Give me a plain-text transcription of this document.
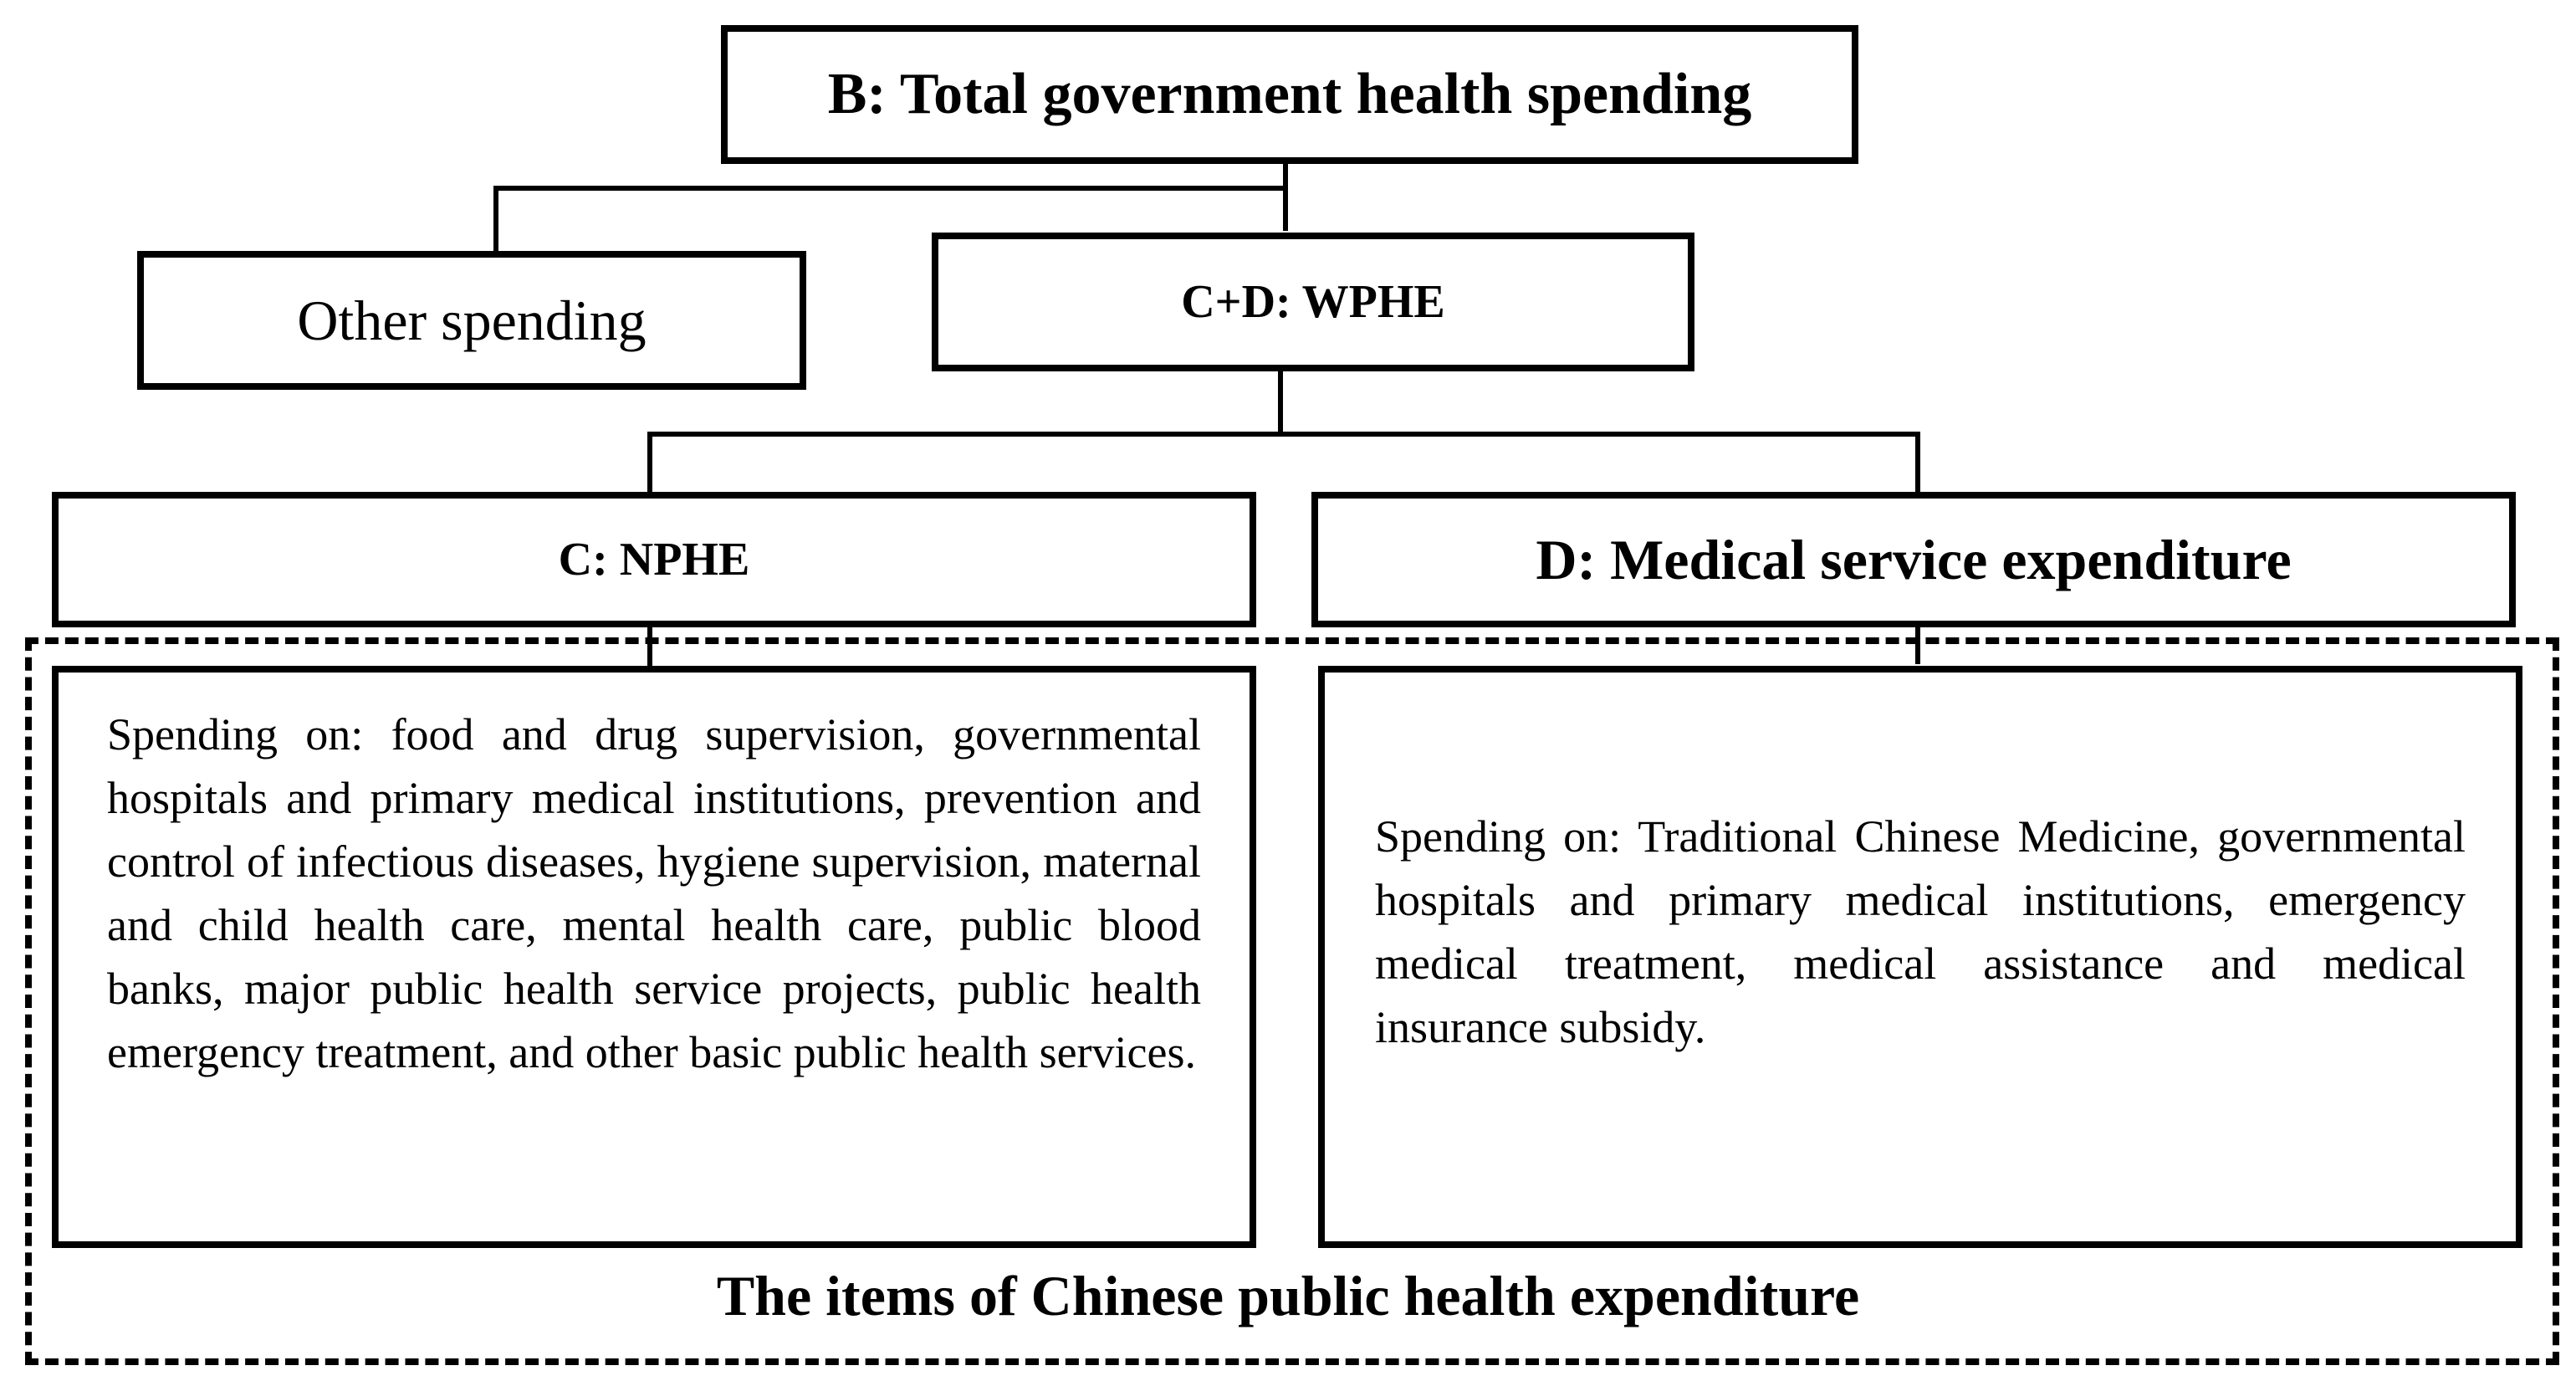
B: Total government health spending
Other spending	C+D: WPHE
C: NPHE	D: Medical service expenditure
Spending on: food and drug supervision, governmental hospitals and primary medical institutions, prevention and control of infectious diseases, hygiene supervision, maternal and child health care, mental health care, public blood banks, major public health service projects, public health emergency treatment, and other basic public health services.
Spending on: Traditional Chinese Medicine, governmental hospitals and primary medical institutions, emergency medical treatment, medical assistance and medical insurance subsidy.
The items of Chinese public health expenditure
